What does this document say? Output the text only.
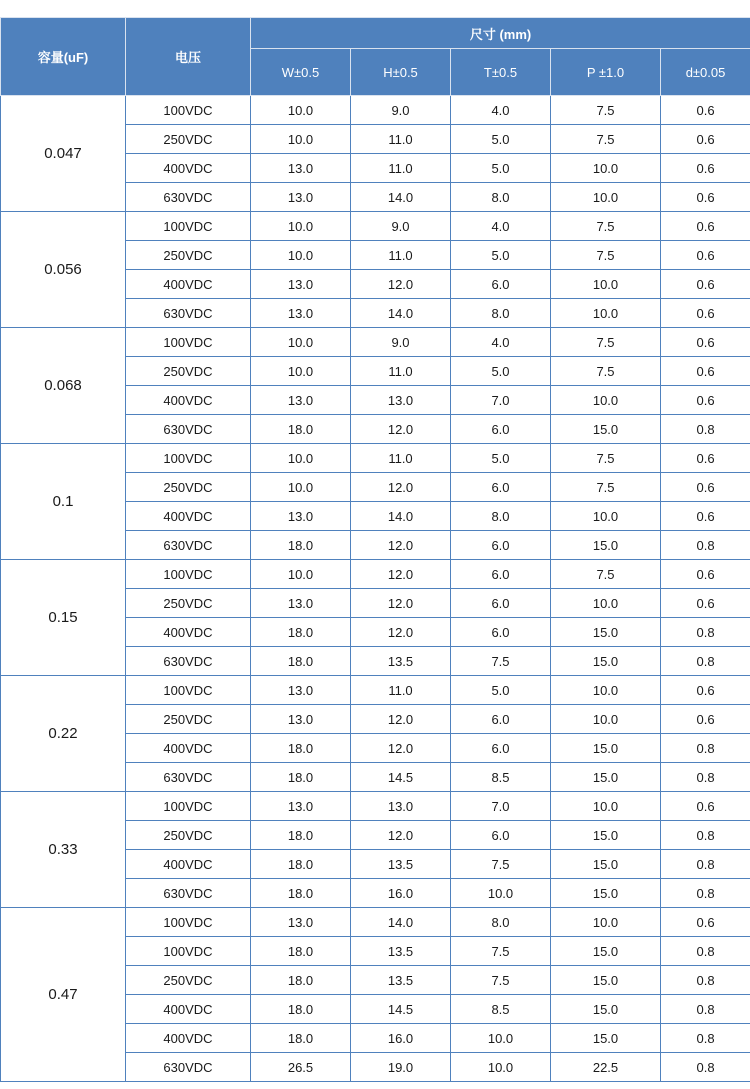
容量(uF)	电压	尺寸 (mm)				
		W±0.5	H±0.5	T±0.5	P ±1.0	d±0.05
0.047	100VDC	10.0	9.0	4.0	7.5	0.6
	250VDC	10.0	11.0	5.0	7.5	0.6
	400VDC	13.0	11.0	5.0	10.0	0.6
	630VDC	13.0	14.0	8.0	10.0	0.6
0.056	100VDC	10.0	9.0	4.0	7.5	0.6
	250VDC	10.0	11.0	5.0	7.5	0.6
	400VDC	13.0	12.0	6.0	10.0	0.6
	630VDC	13.0	14.0	8.0	10.0	0.6
0.068	100VDC	10.0	9.0	4.0	7.5	0.6
	250VDC	10.0	11.0	5.0	7.5	0.6
	400VDC	13.0	13.0	7.0	10.0	0.6
	630VDC	18.0	12.0	6.0	15.0	0.8
0.1	100VDC	10.0	11.0	5.0	7.5	0.6
	250VDC	10.0	12.0	6.0	7.5	0.6
	400VDC	13.0	14.0	8.0	10.0	0.6
	630VDC	18.0	12.0	6.0	15.0	0.8
0.15	100VDC	10.0	12.0	6.0	7.5	0.6
	250VDC	13.0	12.0	6.0	10.0	0.6
	400VDC	18.0	12.0	6.0	15.0	0.8
	630VDC	18.0	13.5	7.5	15.0	0.8
0.22	100VDC	13.0	11.0	5.0	10.0	0.6
	250VDC	13.0	12.0	6.0	10.0	0.6
	400VDC	18.0	12.0	6.0	15.0	0.8
	630VDC	18.0	14.5	8.5	15.0	0.8
0.33	100VDC	13.0	13.0	7.0	10.0	0.6
	250VDC	18.0	12.0	6.0	15.0	0.8
	400VDC	18.0	13.5	7.5	15.0	0.8
	630VDC	18.0	16.0	10.0	15.0	0.8
0.47	100VDC	13.0	14.0	8.0	10.0	0.6
	100VDC	18.0	13.5	7.5	15.0	0.8
	250VDC	18.0	13.5	7.5	15.0	0.8
	400VDC	18.0	14.5	8.5	15.0	0.8
	400VDC	18.0	16.0	10.0	15.0	0.8
	630VDC	26.5	19.0	10.0	22.5	0.8
